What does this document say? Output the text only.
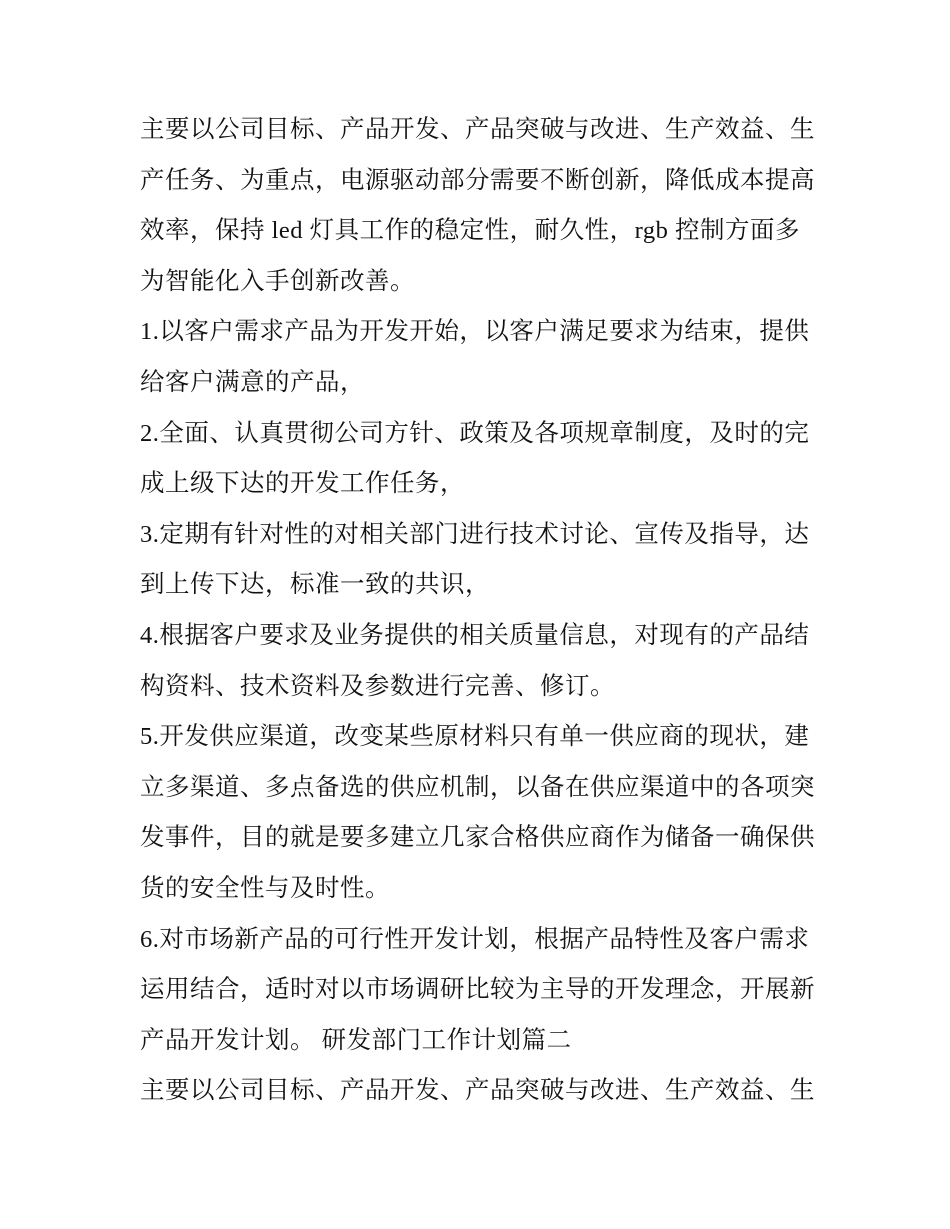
主要以公司目标、产品开发、产品突破与改进、生产效益、生
产任务、为重点，电源驱动部分需要不断创新，降低成本提高
效率，保持 led 灯具工作的稳定性，耐久性，rgb 控制方面多
为智能化入手创新改善。
1.以客户需求产品为开发开始，以客户满足要求为结束，提供
给客户满意的产品，
2.全面、认真贯彻公司方针、政策及各项规章制度，及时的完
成上级下达的开发工作任务，
3.定期有针对性的对相关部门进行技术讨论、宣传及指导，达
到上传下达，标准一致的共识，
4.根据客户要求及业务提供的相关质量信息，对现有的产品结
构资料、技术资料及参数进行完善、修订。
5.开发供应渠道，改变某些原材料只有单一供应商的现状，建
立多渠道、多点备选的供应机制，以备在供应渠道中的各项突
发事件，目的就是要多建立几家合格供应商作为储备一确保供
货的安全性与及时性。
6.对市场新产品的可行性开发计划，根据产品特性及客户需求
运用结合，适时对以市场调研比较为主导的开发理念，开展新
产品开发计划。 研发部门工作计划篇二
主要以公司目标、产品开发、产品突破与改进、生产效益、生
